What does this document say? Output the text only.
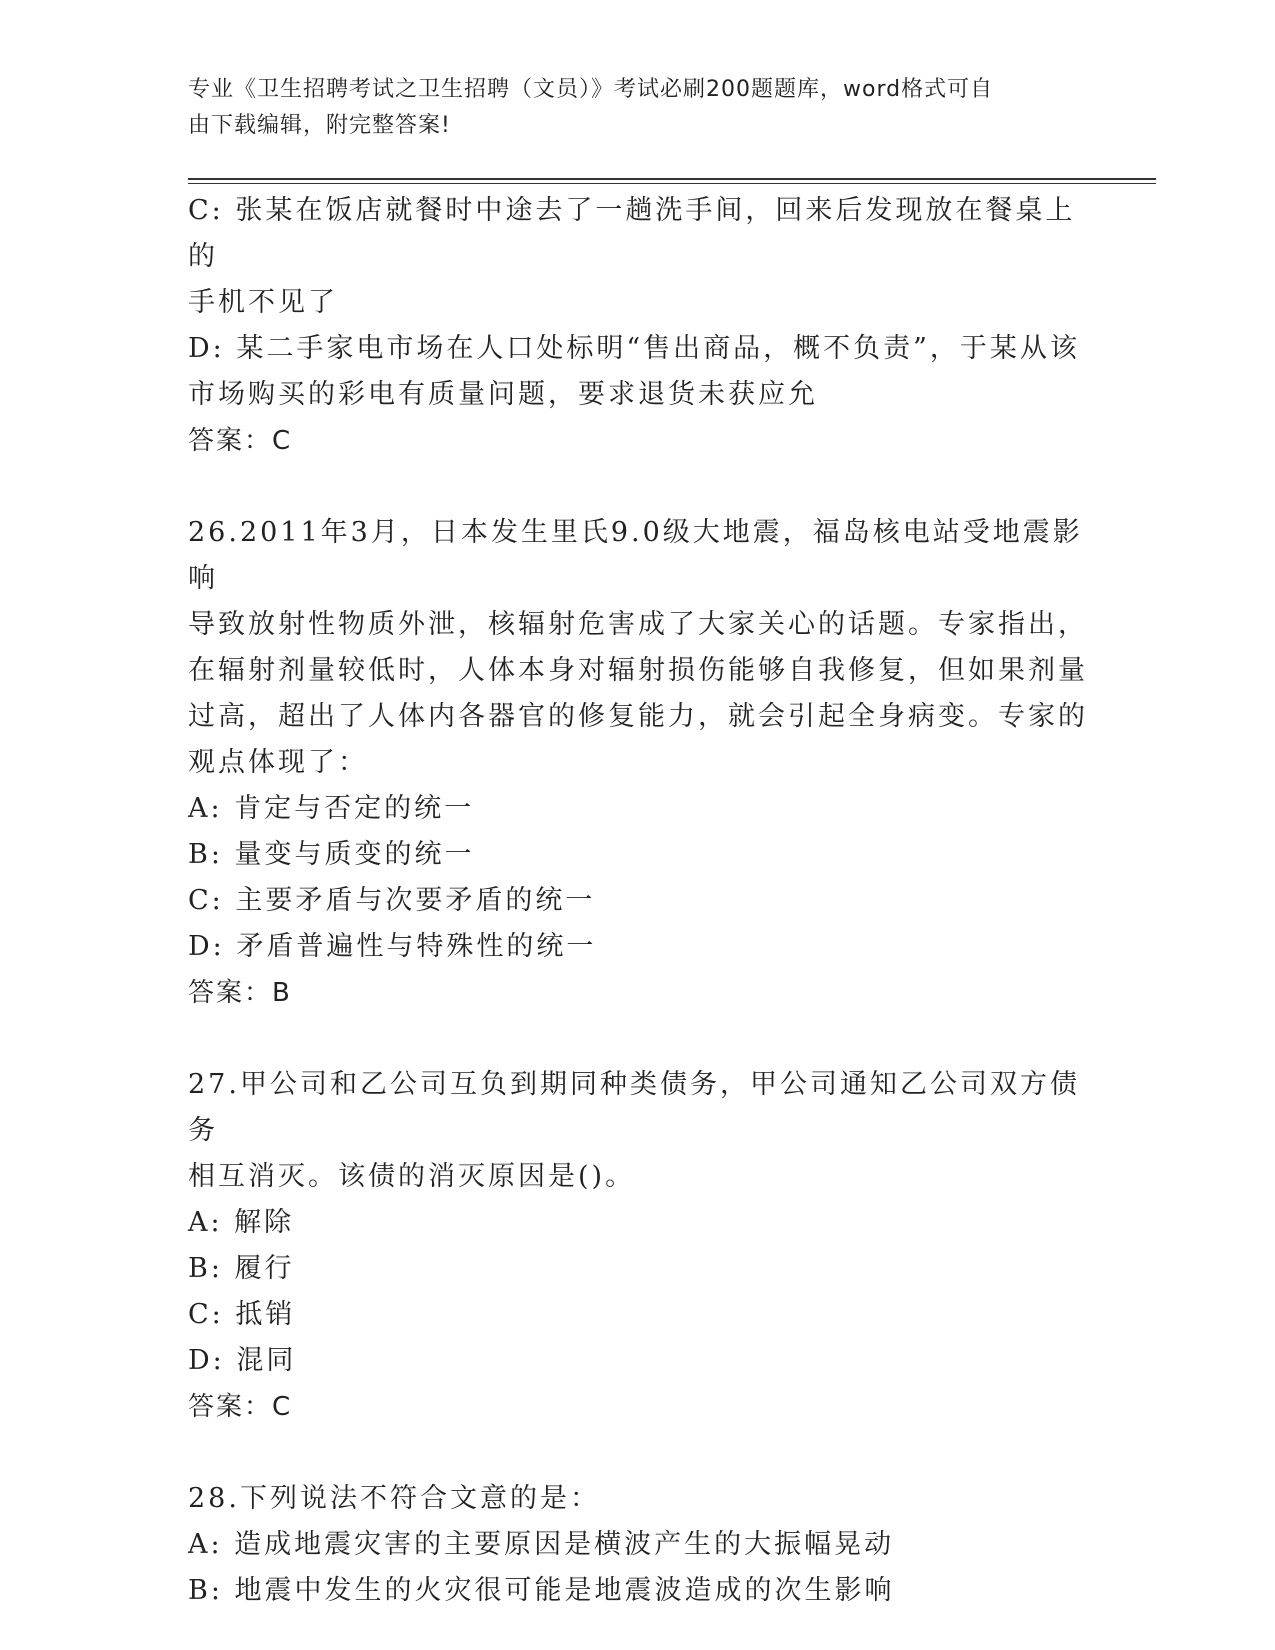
专业《卫生招聘考试之卫生招聘（文员）》考试必刷200题题库，word格式可自
由下载编辑，附完整答案!
C: 张某在饭店就餐时中途去了一趟洗手间，回来后发现放在餐桌上的
手机不见了
D: 某二手家电市场在人口处标明“售出商品，概不负责”，于某从该
市场购买的彩电有质量问题，要求退货未获应允
答案：C
26.2011年3月，日本发生里氏9.0级大地震，福岛核电站受地震影响
导致放射性物质外泄，核辐射危害成了大家关心的话题。专家指出，
在辐射剂量较低时，人体本身对辐射损伤能够自我修复，但如果剂量
过高，超出了人体内各器官的修复能力，就会引起全身病变。专家的
观点体现了：
A: 肯定与否定的统一
B: 量变与质变的统一
C: 主要矛盾与次要矛盾的统一
D: 矛盾普遍性与特殊性的统一
答案：B
27.甲公司和乙公司互负到期同种类债务，甲公司通知乙公司双方债务
相互消灭。该债的消灭原因是()。
A: 解除
B: 履行
C: 抵销
D: 混同
答案：C
28.下列说法不符合文意的是：
A: 造成地震灾害的主要原因是横波产生的大振幅晃动
B: 地震中发生的火灾很可能是地震波造成的次生影响
